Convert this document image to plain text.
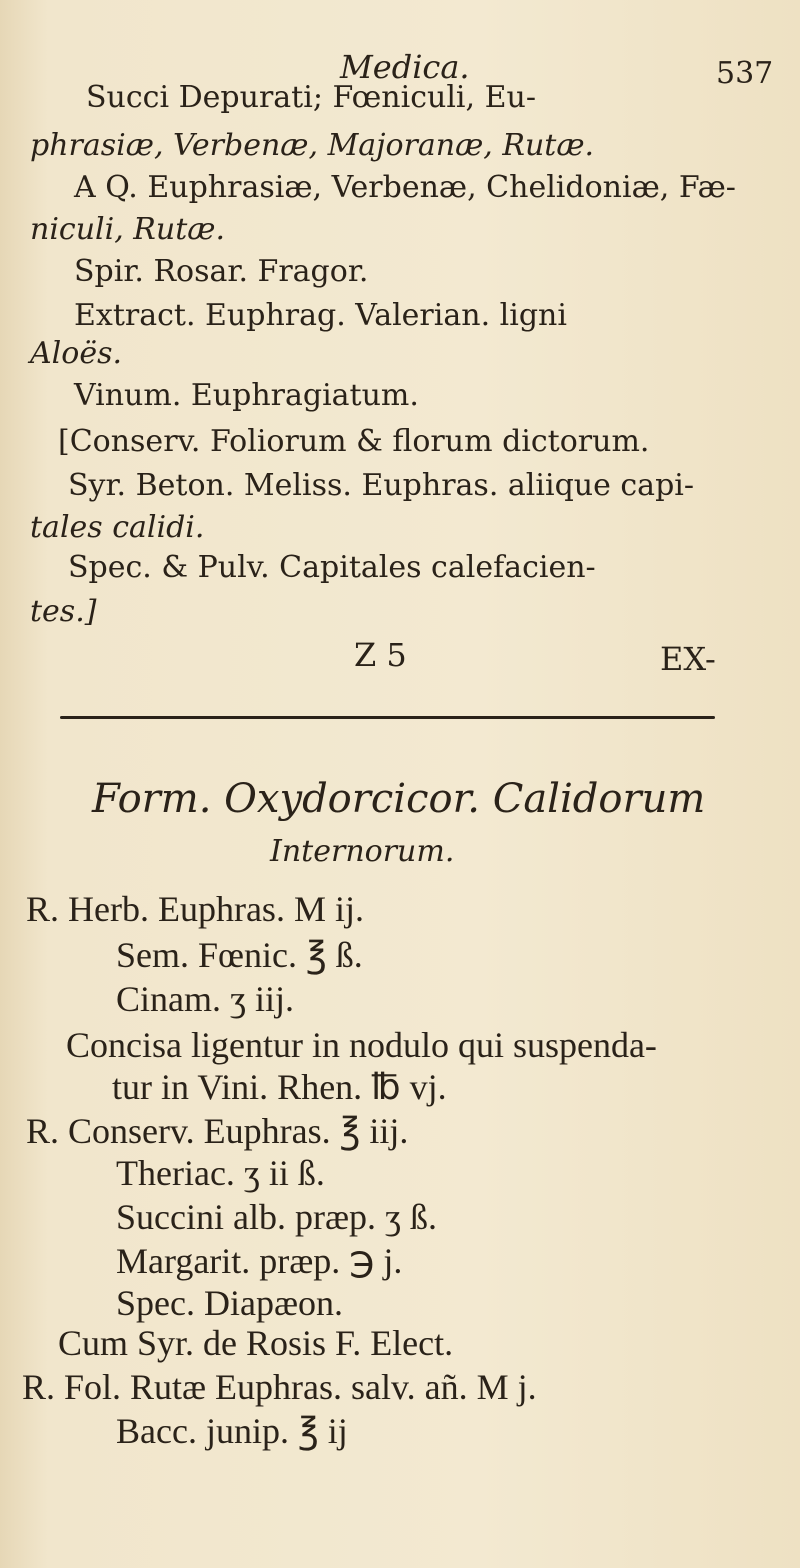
Medica.	537
Succi Depurati; Fœniculi, Eu-
phrasiæ, Verbenæ, Majoranæ, Rutæ.
A Q. Euphrasiæ, Verbenæ, Chelidoniæ, Fæ-
niculi, Rutæ.
Spir. Rosar. Fragor.
Extract. Euphrag. Valerian. ligni
Aloës.
Vinum. Euphragiatum.
[Conserv. Foliorum & florum dictorum.
Syr. Beton. Meliss. Euphras. aliique capi-
tales calidi.
Spec. & Pulv. Capitales calefacien-
tes.]
Z 5	EX-
Form. Oxydorcicor. Calidorum
Internorum.
R. Herb. Euphras. M ij.
Sem. Fœnic. ℥ ß.
Cinam. ʒ iij.
Concisa ligentur in nodulo qui suspenda-
tur in Vini. Rhen. ℔ vj.
R. Conserv. Euphras. ℥ iij.
Theriac. ʒ ii ß.
Succini alb. præp. ʒ ß.
Margarit. præp. ℈ j.
Spec. Diapæon.
Cum Syr. de Rosis F. Elect.
R. Fol. Rutæ Euphras. salv. añ. M j.
Bacc. junip. ℥ ij
